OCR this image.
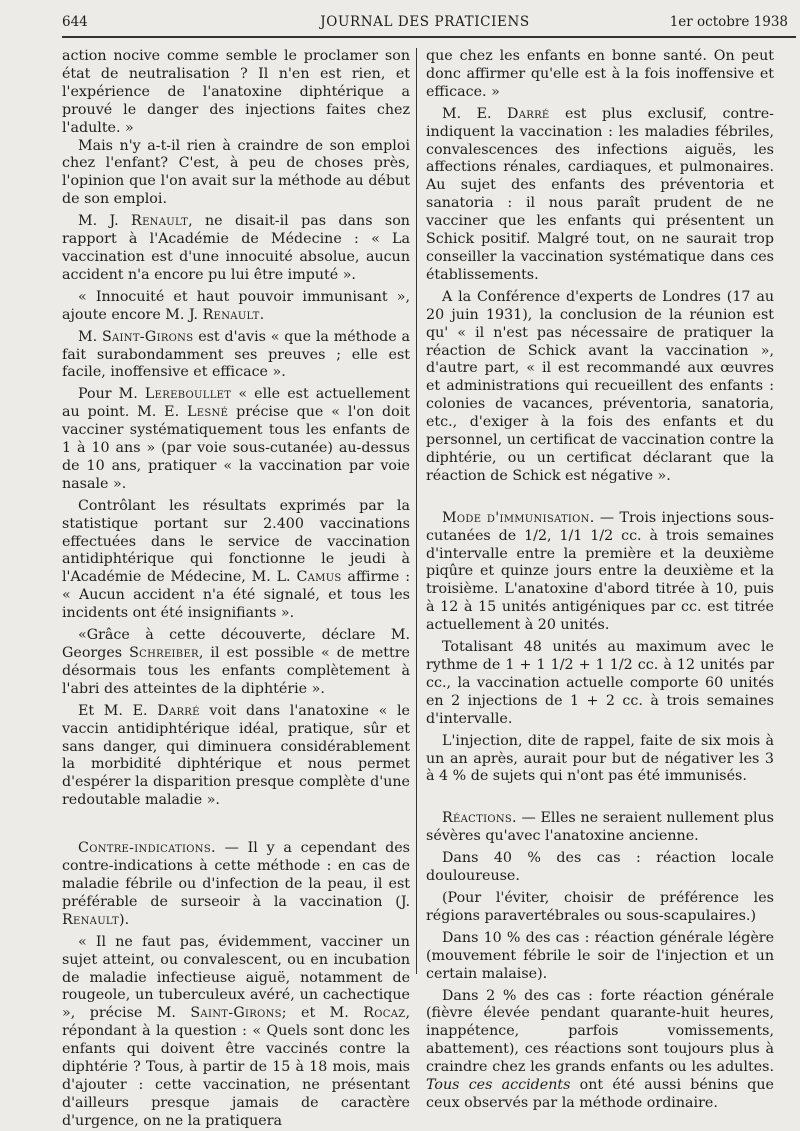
644	JOURNAL DES PRATICIENS	1er octobre 1938

action nocive comme semble le proclamer son état de neutralisation ? Il n'en est rien, et l'expérience de l'anatoxine diphtérique a prouvé le danger des injections faites chez l'adulte. »

Mais n'y a-t-il rien à craindre de son emploi chez l'enfant? C'est, à peu de choses près, l'opinion que l'on avait sur la méthode au début de son emploi.

M. J. Renault, ne disait-il pas dans son rapport à l'Académie de Médecine : « La vaccination est d'une innocuité absolue, aucun accident n'a encore pu lui être imputé ».

« Innocuité et haut pouvoir immunisant », ajoute encore M. J. Renault.

M. Saint-Girons est d'avis « que la méthode a fait surabondamment ses preuves ; elle est facile, inoffensive et efficace ».

Pour M. Lereboullet « elle est actuellement au point. M. E. Lesné précise que « l'on doit vacciner systématiquement tous les enfants de 1 à 10 ans » (par voie sous-cutanée) au-dessus de 10 ans, pratiquer « la vaccination par voie nasale ».

Contrôlant les résultats exprimés par la statistique portant sur 2.400 vaccinations effectuées dans le service de vaccination antidiphtérique qui fonctionne le jeudi à l'Académie de Médecine, M. L. Camus affirme : « Aucun accident n'a été signalé, et tous les incidents ont été insignifiants ».

«Grâce à cette découverte, déclare M. Georges Schreiber, il est possible « de mettre désormais tous les enfants complètement à l'abri des atteintes de la diphtérie ».

Et M. E. Darré voit dans l'anatoxine « le vaccin antidiphtérique idéal, pratique, sûr et sans danger, qui diminuera considérablement la morbidité diphtérique et nous permet d'espérer la disparition presque complète d'une redoutable maladie ».

Contre-indications. — Il y a cependant des contre-indications à cette méthode : en cas de maladie fébrile ou d'infection de la peau, il est préférable de surseoir à la vaccination (J. Renault).

« Il ne faut pas, évidemment, vacciner un sujet atteint, ou convalescent, ou en incubation de maladie infectieuse aiguë, notamment de rougeole, un tuberculeux avéré, un cachectique », précise M. Saint-Girons; et M. Rocaz, répondant à la question : « Quels sont donc les enfants qui doivent être vaccinés contre la diphtérie ? Tous, à partir de 15 à 18 mois, mais d'ajouter : cette vaccination, ne présentant d'ailleurs presque jamais de caractère d'urgence, on ne la pratiquera

que chez les enfants en bonne santé. On peut donc affirmer qu'elle est à la fois inoffensive et efficace. »

M. E. Darré est plus exclusif, contre-indiquent la vaccination : les maladies fébriles, convalescences des infections aiguës, les affections rénales, cardiaques, et pulmonaires. Au sujet des enfants des préventoria et sanatoria : il nous paraît prudent de ne vacciner que les enfants qui présentent un Schick positif. Malgré tout, on ne saurait trop conseiller la vaccination systématique dans ces établissements.

A la Conférence d'experts de Londres (17 au 20 juin 1931), la conclusion de la réunion est qu' « il n'est pas nécessaire de pratiquer la réaction de Schick avant la vaccination », d'autre part, « il est recommandé aux œuvres et administrations qui recueillent des enfants : colonies de vacances, préventoria, sanatoria, etc., d'exiger à la fois des enfants et du personnel, un certificat de vaccination contre la diphtérie, ou un certificat déclarant que la réaction de Schick est négative ».

Mode d'immunisation. — Trois injections sous-cutanées de 1/2, 1/1 1/2 cc. à trois semaines d'intervalle entre la première et la deuxième piqûre et quinze jours entre la deuxième et la troisième. L'anatoxine d'abord titrée à 10, puis à 12 à 15 unités antigéniques par cc. est titrée actuellement à 20 unités.

Totalisant 48 unités au maximum avec le rythme de 1 + 1 1/2 + 1 1/2 cc. à 12 unités par cc., la vaccination actuelle comporte 60 unités en 2 injections de 1 + 2 cc. à trois semaines d'intervalle.

L'injection, dite de rappel, faite de six mois à un an après, aurait pour but de négativer les 3 à 4 % de sujets qui n'ont pas été immunisés.

Réactions. — Elles ne seraient nullement plus sévères qu'avec l'anatoxine ancienne.

Dans 40 % des cas : réaction locale douloureuse.

(Pour l'éviter, choisir de préférence les régions paravertébrales ou sous-scapulaires.)

Dans 10 % des cas : réaction générale légère (mouvement fébrile le soir de l'injection et un certain malaise).

Dans 2 % des cas : forte réaction générale (fièvre élevée pendant quarante-huit heures, inappétence, parfois vomissements, abattement), ces réactions sont toujours plus à craindre chez les grands enfants ou les adultes. Tous ces accidents ont été aussi bénins que ceux observés par la méthode ordinaire.
